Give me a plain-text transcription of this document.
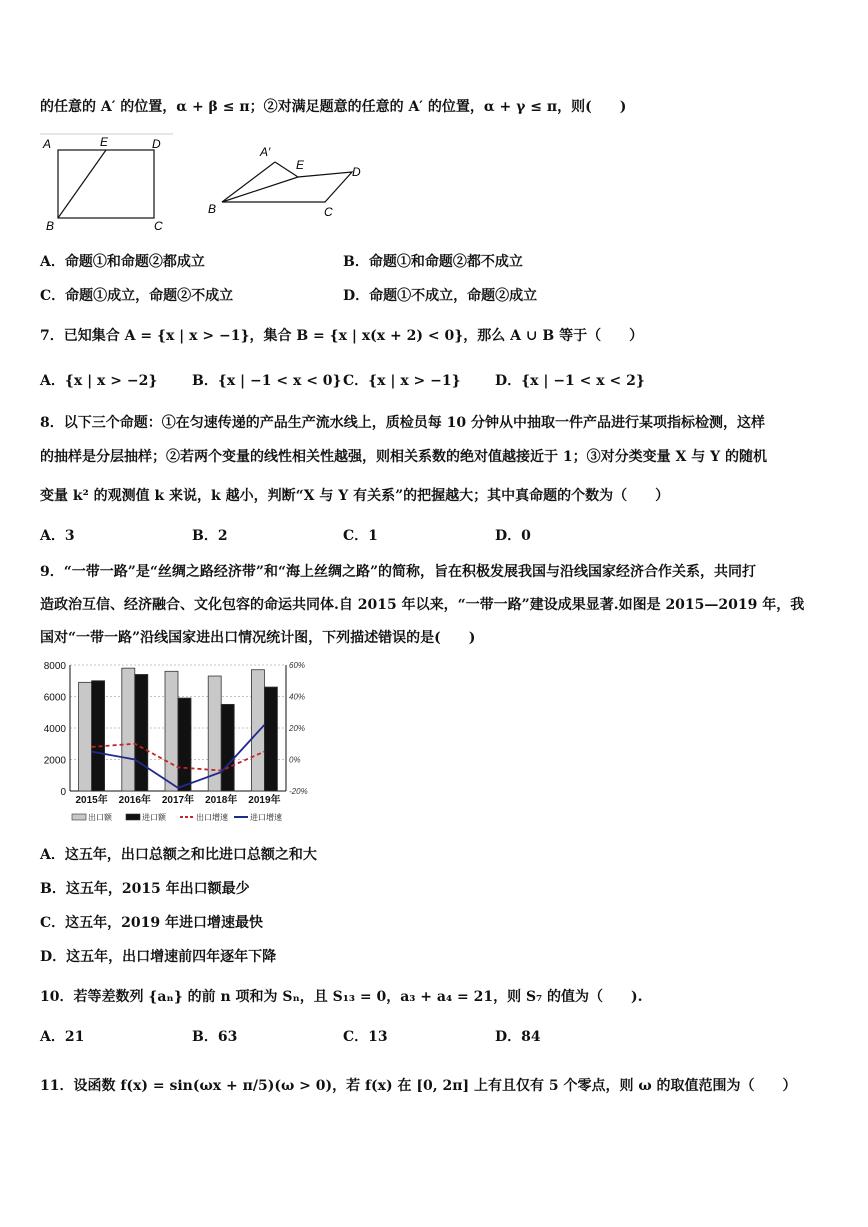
的任意的 A′ 的位置，α + β ≤ π；②对满足题意的任意的 A′ 的位置，α + γ ≤ π，则(　　)
A	E	D
B	C
A′
E	D
B	C
A．命题①和命题②都成立	B．命题①和命题②都不成立
C．命题①成立，命题②不成立	D．命题①不成立，命题②成立
7．已知集合 A = {x | x > −1}，集合 B = {x | x(x + 2) < 0}，那么 A ∪ B 等于（　　）
A．{x | x > −2} B．{x | −1 < x < 0} C．{x | x > −1} D．{x | −1 < x < 2}
8．以下三个命题：①在匀速传递的产品生产流水线上，质检员每 10 分钟从中抽取一件产品进行某项指标检测，这样
的抽样是分层抽样；②若两个变量的线性相关性越强，则相关系数的绝对值越接近于 1；③对分类变量 X 与 Y 的随机
变量 k² 的观测值 k 来说，k 越小，判断“X 与 Y 有关系”的把握越大；其中真命题的个数为（　　）
A．3	B．2	C．1	D．0
9．“一带一路”是“丝绸之路经济带”和“海上丝绸之路”的简称，旨在积极发展我国与沿线国家经济合作关系，共同打
造政治互信、经济融合、文化包容的命运共同体.自 2015 年以来，“一带一路”建设成果显著.如图是 2015—2019 年，我
国对“一带一路”沿线国家进出口情况统计图，下列描述错误的是(　　)
8000
6000
4000
2000
0
60%
40%
20%
0%
-20%
2015年 2016年 2017年 2018年 2019年
出口额	进口额	出口增速	进口增速
A．这五年，出口总额之和比进口总额之和大
B．这五年，2015 年出口额最少
C．这五年，2019 年进口增速最快
D．这五年，出口增速前四年逐年下降
10．若等差数列 {aₙ} 的前 n 项和为 Sₙ，且 S₁₃ = 0，a₃ + a₄ = 21，则 S₇ 的值为（　　).
A．21	B．63	C．13	D．84
11．设函数 f(x) = sin(ωx + π/5)(ω > 0)，若 f(x) 在 [0, 2π] 上有且仅有 5 个零点，则 ω 的取值范围为（　　）
